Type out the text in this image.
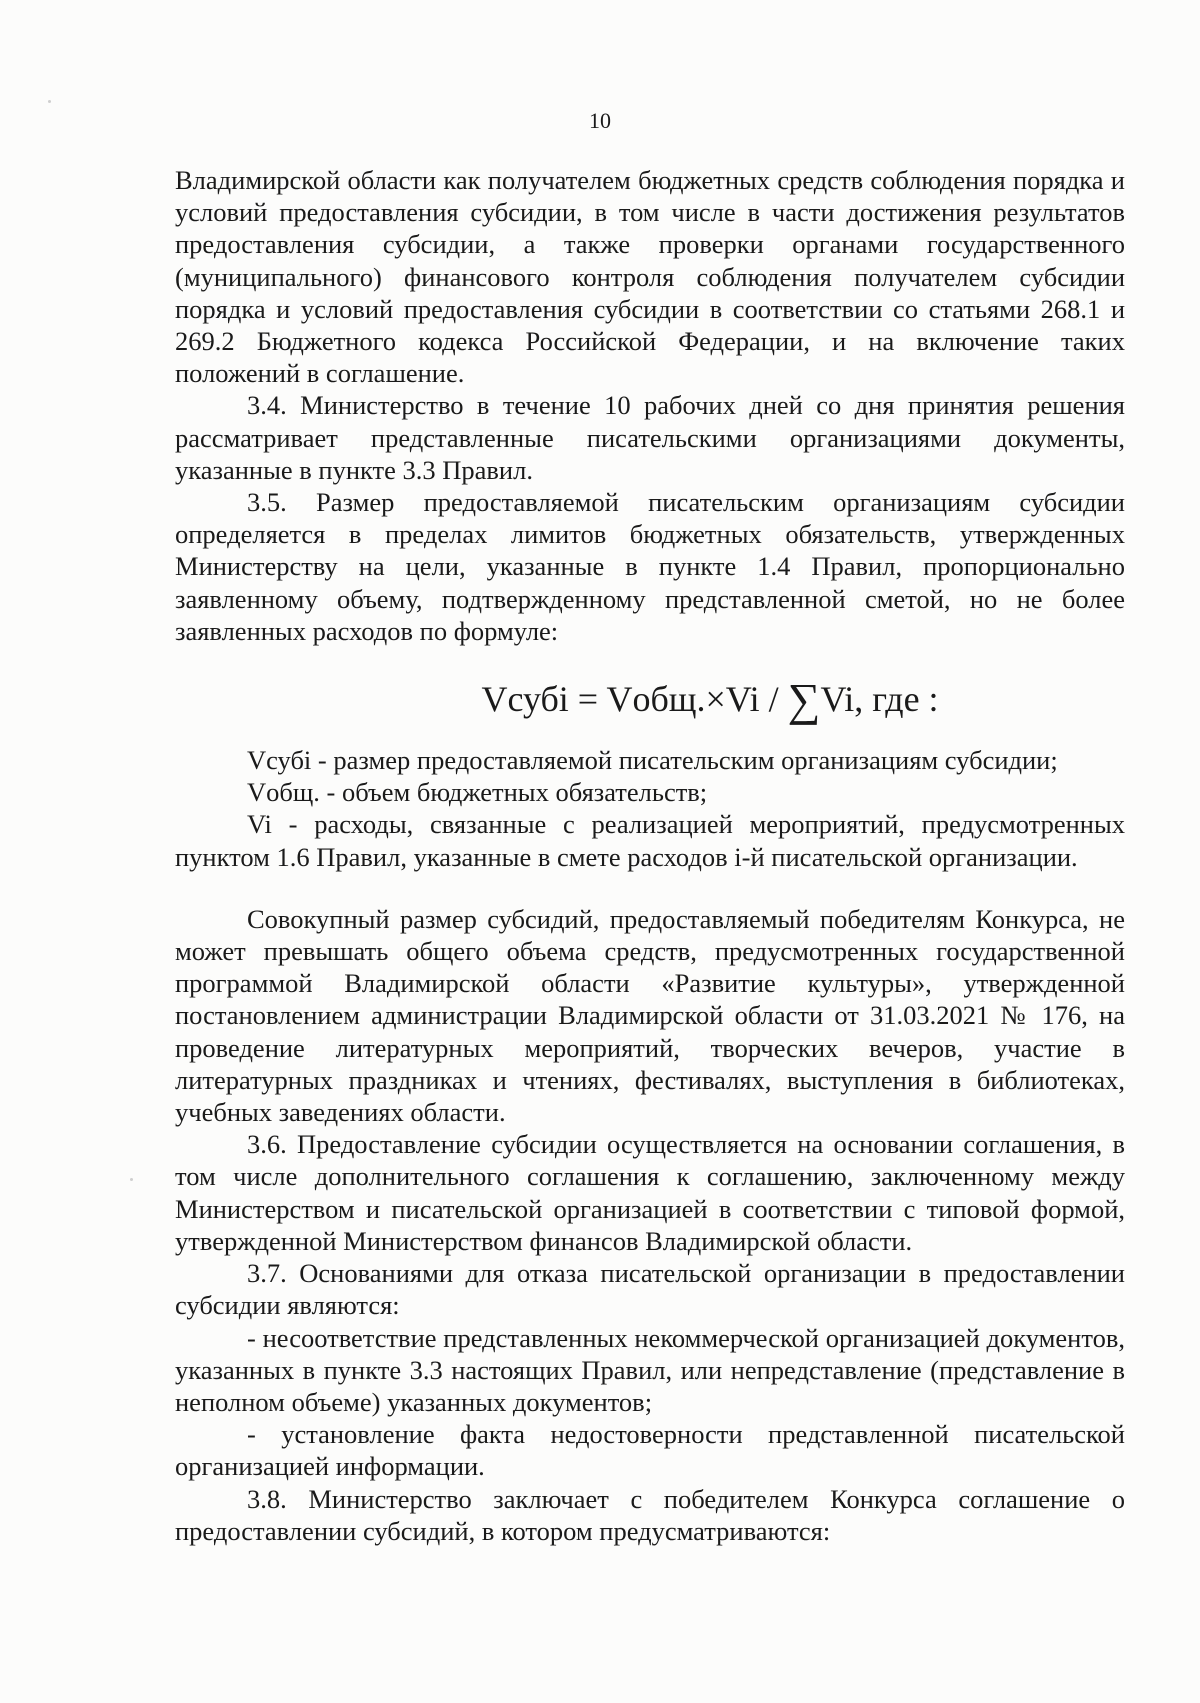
10

Владимирской области как получателем бюджетных средств соблюдения порядка и условий предоставления субсидии, в том числе в части достижения результатов предоставления субсидии, а также проверки органами государственного (муниципального) финансового контроля соблюдения получателем субсидии порядка и условий предоставления субсидии в соответствии со статьями 268.1 и 269.2 Бюджетного кодекса Российской Федерации, и на включение таких положений в соглашение.

3.4. Министерство в течение 10 рабочих дней со дня принятия решения рассматривает представленные писательскими организациями документы, указанные в пункте 3.3 Правил.

3.5. Размер предоставляемой писательским организациям субсидии определяется в пределах лимитов бюджетных обязательств, утвержденных Министерству на цели, указанные в пункте 1.4 Правил, пропорционально заявленному объему, подтвержденному представленной сметой, но не более заявленных расходов по формуле:

Vсубi = Vобщ.×Vi / ∑Vi, где :

Vсубi - размер предоставляемой писательским организациям субсидии;

Vобщ. - объем бюджетных обязательств;

Vi - расходы, связанные с реализацией мероприятий, предусмотренных пунктом 1.6 Правил, указанные в смете расходов i-й писательской организации.

Совокупный размер субсидий, предоставляемый победителям Конкурса, не может превышать общего объема средств, предусмотренных государственной программой Владимирской области «Развитие культуры», утвержденной постановлением администрации Владимирской области от 31.03.2021 № 176, на проведение литературных мероприятий, творческих вечеров, участие в литературных праздниках и чтениях, фестивалях, выступления в библиотеках, учебных заведениях области.

3.6. Предоставление субсидии осуществляется на основании соглашения, в том числе дополнительного соглашения к соглашению, заключенному между Министерством и писательской организацией в соответствии с типовой формой, утвержденной Министерством финансов Владимирской области.

3.7. Основаниями для отказа писательской организации в предоставлении субсидии являются:

- несоответствие представленных некоммерческой организацией документов, указанных в пункте 3.3 настоящих Правил, или непредставление (представление в неполном объеме) указанных документов;

- установление факта недостоверности представленной писательской организацией информации.

3.8. Министерство заключает с победителем Конкурса соглашение о предоставлении субсидий, в котором предусматриваются:
